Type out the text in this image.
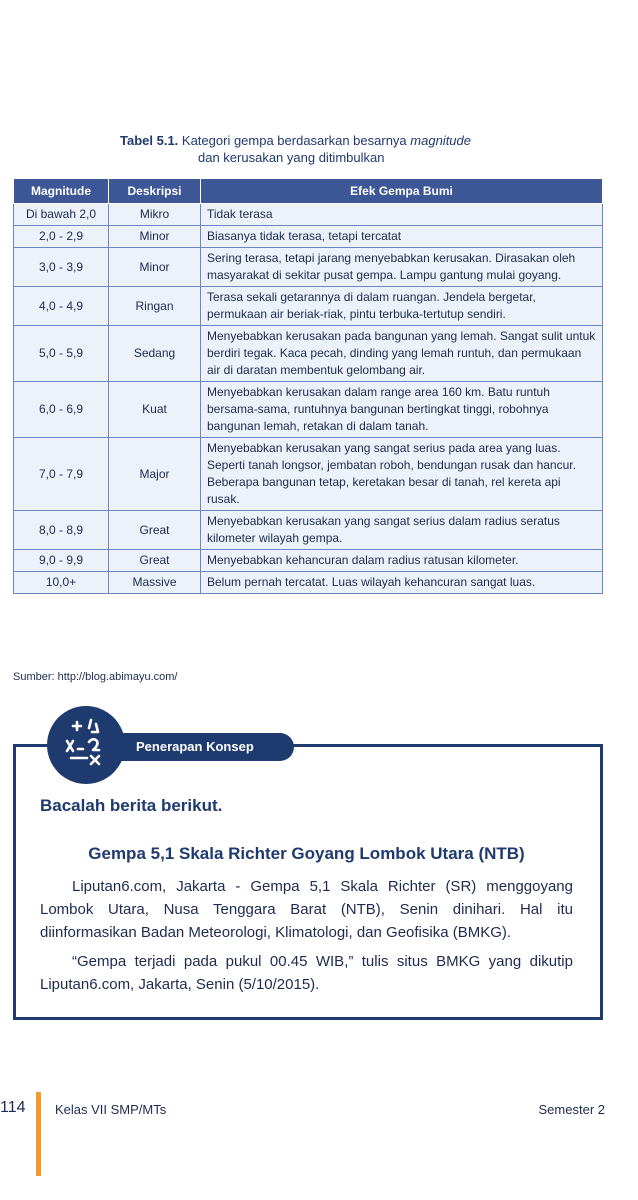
Tabel 5.1. Kategori gempa berdasarkan besarnya magnitude
dan kerusakan yang ditimbulkan
Magnitude	Deskripsi	Efek Gempa Bumi
Di bawah 2,0	Mikro	Tidak terasa
2,0 - 2,9	Minor	Biasanya tidak terasa, tetapi tercatat
3,0 - 3,9	Minor	Sering terasa, tetapi jarang menyebabkan kerusakan. Dirasakan oleh masyarakat di sekitar pusat gempa. Lampu gantung mulai goyang.
4,0 - 4,9	Ringan	Terasa sekali getarannya di dalam ruangan. Jendela bergetar, permukaan air beriak-riak, pintu terbuka-tertutup sendiri.
5,0 - 5,9	Sedang	Menyebabkan kerusakan pada bangunan yang lemah. Sangat sulit untuk berdiri tegak. Kaca pecah, dinding yang lemah runtuh, dan permukaan air di daratan membentuk gelombang air.
6,0 - 6,9	Kuat	Menyebabkan kerusakan dalam range area 160 km. Batu runtuh bersama-sama, runtuhnya bangunan bertingkat tinggi, robohnya bangunan lemah, retakan di dalam tanah.
7,0 - 7,9	Major	Menyebabkan kerusakan yang sangat serius pada area yang luas. Seperti tanah longsor, jembatan roboh, bendungan rusak dan hancur. Beberapa bangunan tetap, keretakan besar di tanah, rel kereta api rusak.
8,0 - 8,9	Great	Menyebabkan kerusakan yang sangat serius dalam radius seratus kilometer wilayah gempa.
9,0 - 9,9	Great	Menyebabkan kehancuran dalam radius ratusan kilometer.
10,0+	Massive	Belum pernah tercatat. Luas wilayah kehancuran sangat luas.
Sumber: http://blog.abimayu.com/
Penerapan Konsep
Bacalah berita berikut.
Gempa 5,1 Skala Richter Goyang Lombok Utara (NTB)

Liputan6.com, Jakarta - Gempa 5,1 Skala Richter (SR) menggoyang Lombok Utara, Nusa Tenggara Barat (NTB), Senin dinihari. Hal itu diinformasikan Badan Meteorologi, Klimatologi, dan Geofisika (BMKG).

“Gempa terjadi pada pukul 00.45 WIB,” tulis situs BMKG yang dikutip Liputan6.com, Jakarta, Senin (5/10/2015).

114 Kelas VII SMP/MTs	Semester 2
